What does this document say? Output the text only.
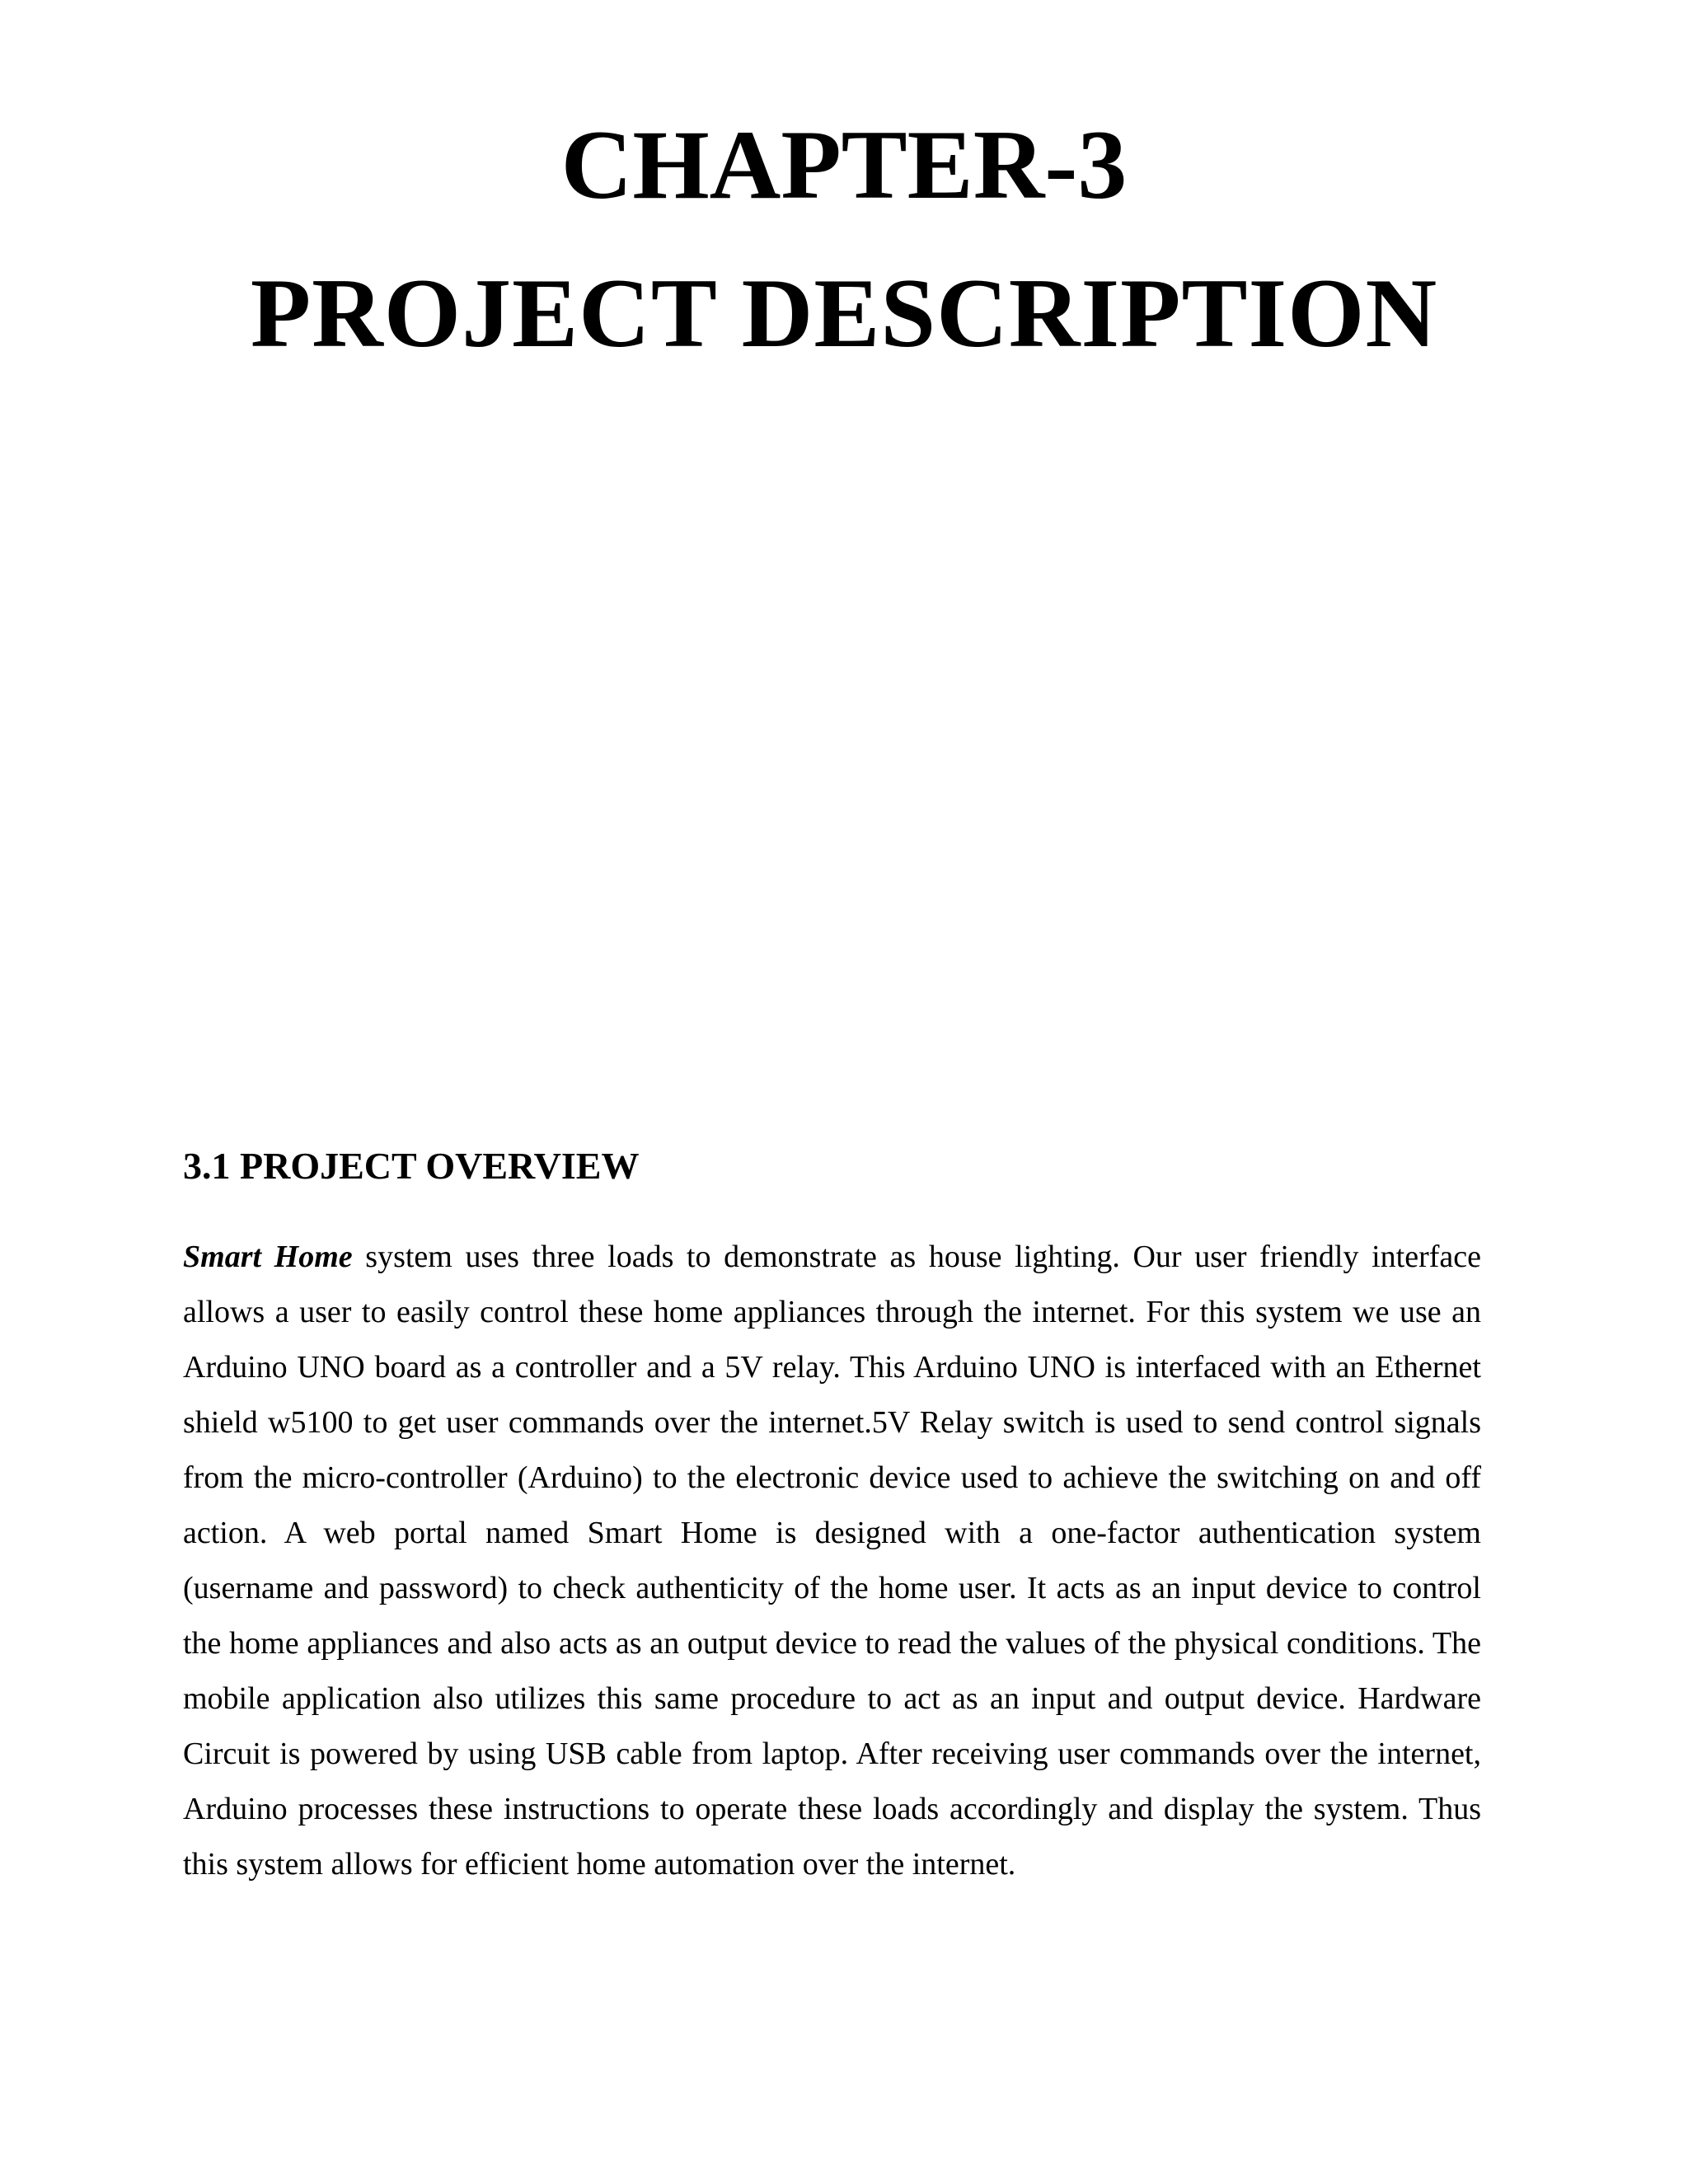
CHAPTER-3
PROJECT DESCRIPTION
3.1 PROJECT OVERVIEW

Smart Home system uses three loads to demonstrate as house lighting. Our user friendly interface allows a user to easily control these home appliances through the internet. For this system we use an Arduino UNO board as a controller and a 5V relay. This Arduino UNO is interfaced with an Ethernet shield w5100 to get user commands over the internet.5V Relay switch is used to send control signals from the micro-controller (Arduino) to the electronic device used to achieve the switching on and off action. A web portal named Smart Home is designed with a one-factor authentication system (username and password) to check authenticity of the home user. It acts as an input device to control the home appliances and also acts as an output device to read the values of the physical conditions. The mobile application also utilizes this same procedure to act as an input and output device. Hardware Circuit is powered by using USB cable from laptop. After receiving user commands over the internet, Arduino processes these instructions to operate these loads accordingly and display the system. Thus this system allows for efficient home automation over the internet.
